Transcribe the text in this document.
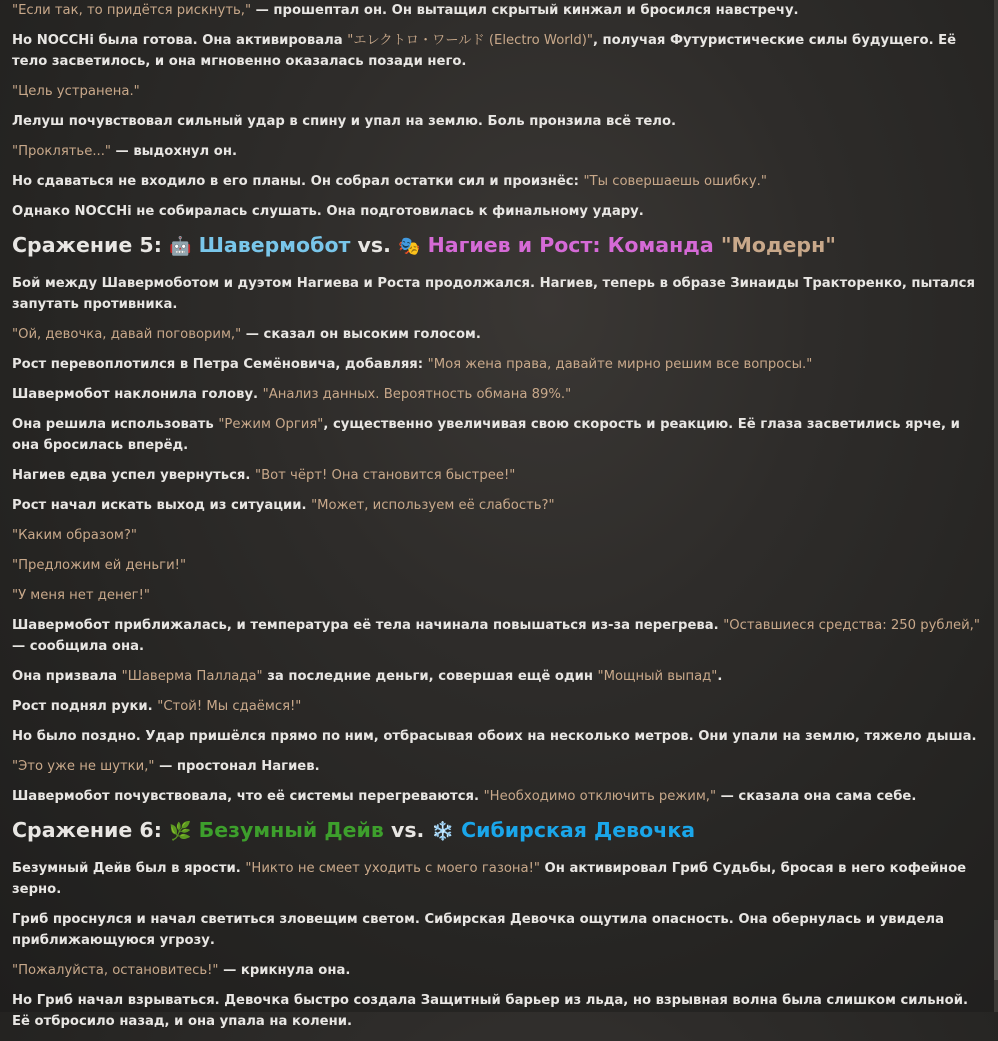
"Если так, то придётся рискнуть," — прошептал он. Он вытащил скрытый кинжал и бросился навстречу.
Но NOCCHi была готова. Она активировала "エレクトロ・ワールド (Electro World)", получая Футуристические силы будущего. Её тело засветилось, и она мгновенно оказалась позади него.
"Цель устранена."
Лелуш почувствовал сильный удар в спину и упал на землю. Боль пронзила всё тело.
"Проклятье..." — выдохнул он.
Но сдаваться не входило в его планы. Он собрал остатки сил и произнёс: "Ты совершаешь ошибку."
Однако NOCCHi не собиралась слушать. Она подготовилась к финальному удару.
Сражение 5: 🤖 Шавермобот vs. 🎭 Нагиев и Рост: Команда "Модерн"
Бой между Шавермоботом и дуэтом Нагиева и Роста продолжался. Нагиев, теперь в образе Зинаиды Тракторенко, пытался запутать противника.
"Ой, девочка, давай поговорим," — сказал он высоким голосом.
Рост перевоплотился в Петра Семёновича, добавляя: "Моя жена права, давайте мирно решим все вопросы."
Шавермобот наклонила голову. "Анализ данных. Вероятность обмана 89%."
Она решила использовать "Режим Оргия", существенно увеличивая свою скорость и реакцию. Её глаза засветились ярче, и она бросилась вперёд.
Нагиев едва успел увернуться. "Вот чёрт! Она становится быстрее!"
Рост начал искать выход из ситуации. "Может, используем её слабость?"
"Каким образом?"
"Предложим ей деньги!"
"У меня нет денег!"
Шавермобот приближалась, и температура её тела начинала повышаться из-за перегрева. "Оставшиеся средства: 250 рублей," — сообщила она.
Она призвала "Шаверма Паллада" за последние деньги, совершая ещё один "Мощный выпад".
Рост поднял руки. "Стой! Мы сдаёмся!"
Но было поздно. Удар пришёлся прямо по ним, отбрасывая обоих на несколько метров. Они упали на землю, тяжело дыша.
"Это уже не шутки," — простонал Нагиев.
Шавермобот почувствовала, что её системы перегреваются. "Необходимо отключить режим," — сказала она сама себе.
Сражение 6: 🌿 Безумный Дейв vs. ❄️ Сибирская Девочка
Безумный Дейв был в ярости. "Никто не смеет уходить с моего газона!" Он активировал Гриб Судьбы, бросая в него кофейное зерно.
Гриб проснулся и начал светиться зловещим светом. Сибирская Девочка ощутила опасность. Она обернулась и увидела приближающуюся угрозу.
"Пожалуйста, остановитесь!" — крикнула она.
Но Гриб начал взрываться. Девочка быстро создала Защитный барьер из льда, но взрывная волна была слишком сильной. Её отбросило назад, и она упала на колени.
